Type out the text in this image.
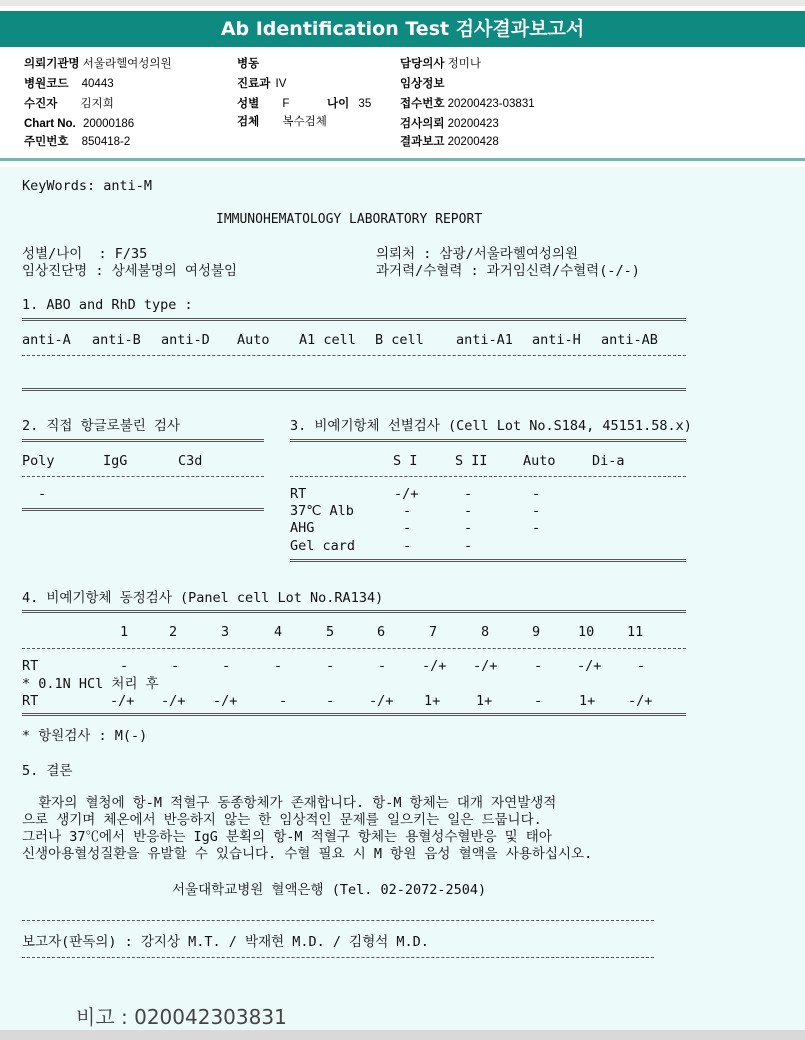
Ab Identification Test 검사결과보고서
의뢰기관명 서울라헬여성의원
병원코드 40443
수진자 김지희
Chart No. 20000186
주민번호 850418-2
병동
진료과 IV
성별 F	나이 35
검체 복수검체
담당의사 정미나
임상정보
접수번호 20200423-03831
검사의뢰 20200423
결과보고 20200428
KeyWords: anti-M
IMMUNOHEMATOLOGY LABORATORY REPORT
성별/나이  : F/35
임상진단명 : 상세불명의 여성불임
의뢰처 : 삼광/서울라헬여성의원
과거력/수혈력 : 과거임신력/수혈력(-/-)
1. ABO and RhD type :
anti-A anti-B anti-D Auto A1 cell B cell anti-A1 anti-H anti-AB
2. 직접 항글로불린 검사
Poly	IgG	C3d
-
3. 비예기항체 선별검사 (Cell Lot No.S184, 45151.58.x)
S I	S II	Auto	Di-a
RT	-/+	-	-
37℃ Alb	-	-	-
AHG	-	-	-
Gel card	-	-
4. 비예기항체 동정검사 (Panel cell Lot No.RA134)
1	2	3	4	5	6	7	8	9	10 11
RT	-	-	-	-	-	-	-/+ -/+	-	-/+	-
* 0.1N HCl 처리 후
RT	-/+ -/+ -/+	-	-	-/+ 1+	1+	-	1+ -/+
* 항원검사 : M(-)
5. 결론
환자의 혈청에 항-M 적혈구 동종항체가 존재합니다. 항-M 항체는 대개 자연발생적
으로 생기며 체온에서 반응하지 않는 한 임상적인 문제를 일으키는 일은 드뭅니다.
그러나 37℃에서 반응하는 IgG 분획의 항-M 적혈구 항체는 용혈성수혈반응 및 태아
신생아용혈성질환을 유발할 수 있습니다. 수혈 필요 시 M 항원 음성 혈액을 사용하십시오.
서울대학교병원 혈액은행 (Tel. 02-2072-2504)
보고자(판독의) : 강지상 M.T. / 박재현 M.D. / 김형석 M.D.
비고 : 020042303831
